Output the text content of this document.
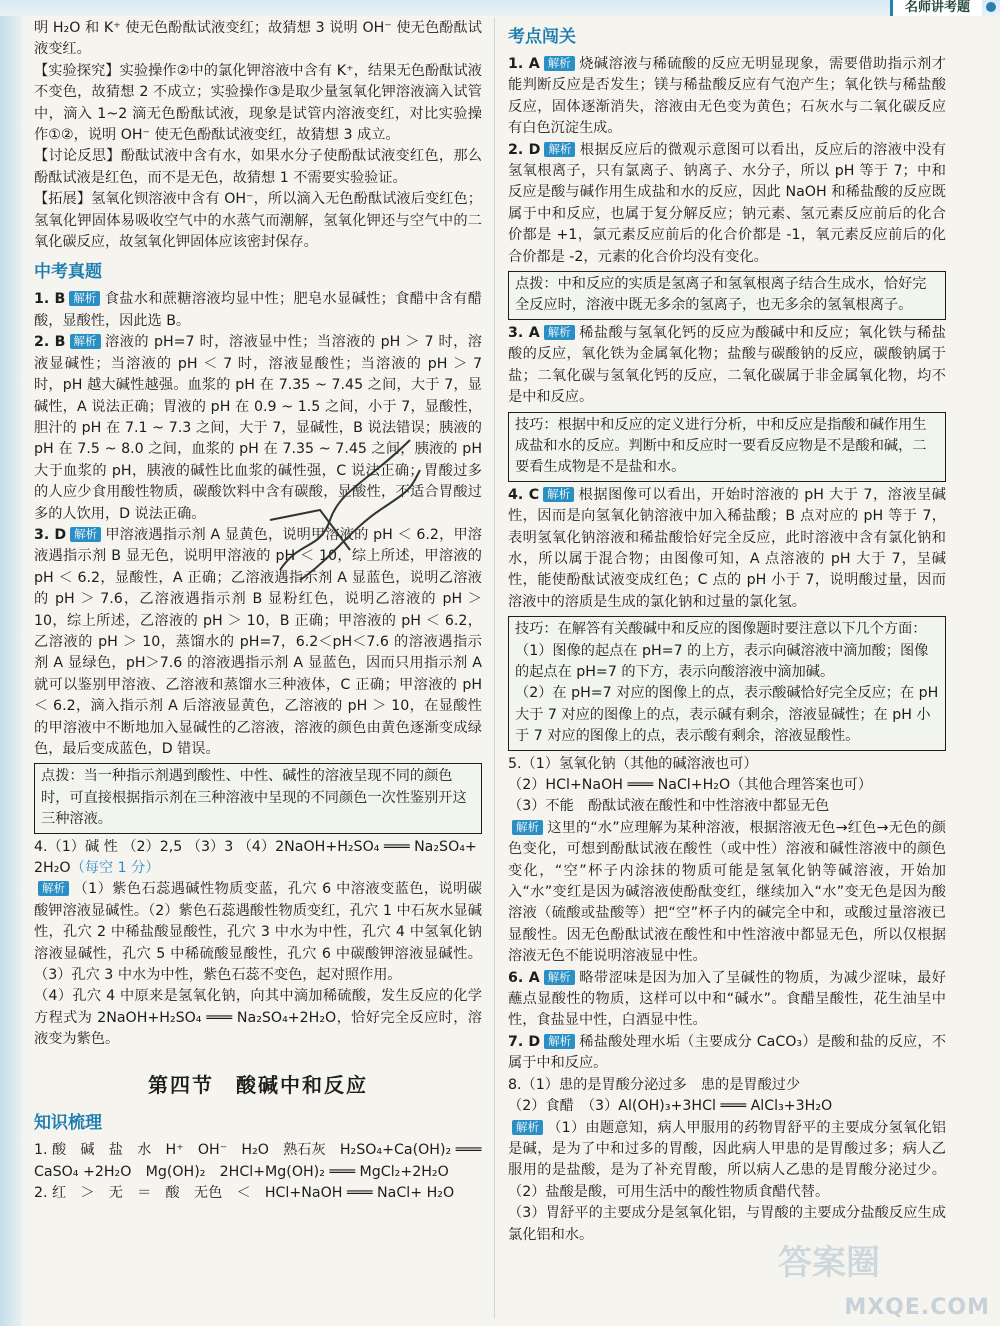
名师讲考题

明 H₂O 和 K⁺ 使无色酚酞试液变红；故猜想 3 说明 OH⁻ 使无色酚酞试液变红。

【实验探究】实验操作②中的氯化钾溶液中含有 K⁺，结果无色酚酞试液不变色，故猜想 2 不成立；实验操作③是取少量氢氧化钾溶液滴入试管中，滴入 1~2 滴无色酚酞试液，现象是试管内溶液变红，对比实验操作①②，说明 OH⁻ 使无色酚酞试液变红，故猜想 3 成立。

【讨论反思】酚酞试液中含有水，如果水分子使酚酞试液变红色，那么酚酞试液是红色，而不是无色，故猜想 1 不需要实验验证。

【拓展】氢氧化钡溶液中含有 OH⁻，所以滴入无色酚酞试液后变红色；氢氧化钾固体易吸收空气中的水蒸气而潮解，氢氧化钾还与空气中的二氧化碳反应，故氢氧化钾固体应该密封保存。

中考真题

1. B 解析 食盐水和蔗糖溶液均显中性；肥皂水显碱性；食醋中含有醋酸，显酸性，因此选 B。

2. B 解析 溶液的 pH=7 时，溶液显中性；当溶液的 pH ＞ 7 时，溶液显碱性；当溶液的 pH ＜ 7 时，溶液显酸性；当溶液的 pH ＞ 7 时，pH 越大碱性越强。血浆的 pH 在 7.35 ~ 7.45 之间，大于 7，显碱性，A 说法正确；胃液的 pH 在 0.9 ~ 1.5 之间，小于 7，显酸性，胆汁的 pH 在 7.1 ~ 7.3 之间，大于 7，显碱性，B 说法错误；胰液的 pH 在 7.5 ~ 8.0 之间，血浆的 pH 在 7.35 ~ 7.45 之间，胰液的 pH 大于血浆的 pH，胰液的碱性比血浆的碱性强，C 说法正确；胃酸过多的人应少食用酸性物质，碳酸饮料中含有碳酸，显酸性，不适合胃酸过多的人饮用，D 说法正确。

3. D 解析 甲溶液遇指示剂 A 显黄色，说明甲溶液的 pH ＜ 6.2，甲溶液遇指示剂 B 显无色，说明甲溶液的 pH ＜ 10，综上所述，甲溶液的 pH ＜ 6.2，显酸性，A 正确；乙溶液遇指示剂 A 显蓝色，说明乙溶液的 pH ＞ 7.6，乙溶液遇指示剂 B 显粉红色，说明乙溶液的 pH ＞ 10，综上所述，乙溶液的 pH ＞ 10，B 正确；甲溶液的 pH ＜ 6.2，乙溶液的 pH ＞ 10，蒸馏水的 pH=7，6.2＜pH＜7.6 的溶液遇指示剂 A 显绿色，pH＞7.6 的溶液遇指示剂 A 显蓝色，因而只用指示剂 A 就可以鉴别甲溶液、乙溶液和蒸馏水三种液体，C 正确；甲溶液的 pH ＜ 6.2，滴入指示剂 A 后溶液显黄色，乙溶液的 pH ＞ 10，在显酸性的甲溶液中不断地加入显碱性的乙溶液，溶液的颜色由黄色逐渐变成绿色，最后变成蓝色，D 错误。

点拨：当一种指示剂遇到酸性、中性、碱性的溶液呈现不同的颜色时，可直接根据指示剂在三种溶液中呈现的不同颜色一次性鉴别开这三种溶液。

4.（1）碱 性 （2）2,5 （3）3 （4）2NaOH+H₂SO₄ ═══ Na₂SO₄+

2H₂O（每空 1 分）

解析 （1）紫色石蕊遇碱性物质变蓝，孔穴 6 中溶液变蓝色，说明碳酸钾溶液显碱性。（2）紫色石蕊遇酸性物质变红，孔穴 1 中石灰水显碱性，孔穴 2 中稀盐酸显酸性，孔穴 3 中水为中性，孔穴 4 中氢氧化钠溶液显碱性，孔穴 5 中稀硫酸显酸性，孔穴 6 中碳酸钾溶液显碱性。（3）孔穴 3 中水为中性，紫色石蕊不变色，起对照作用。

（4）孔穴 4 中原来是氢氧化钠，向其中滴加稀硫酸，发生反应的化学方程式为 2NaOH+H₂SO₄ ═══ Na₂SO₄+2H₂O，恰好完全反应时，溶液变为紫色。

第四节　酸碱中和反应
知识梳理

1. 酸　碱　盐　水　H⁺　OH⁻　H₂O　熟石灰　H₂SO₄+Ca(OH)₂ ═══

CaSO₄ +2H₂O　Mg(OH)₂　2HCl+Mg(OH)₂ ═══ MgCl₂+2H₂O

2. 红　＞　无　＝　酸　无色　＜　HCl+NaOH ═══ NaCl+ H₂O

考点闯关

1. A 解析 烧碱溶液与稀硫酸的反应无明显现象，需要借助指示剂才能判断反应是否发生；镁与稀盐酸反应有气泡产生；氧化铁与稀盐酸反应，固体逐渐消失，溶液由无色变为黄色；石灰水与二氧化碳反应有白色沉淀生成。

2. D 解析 根据反应后的微观示意图可以看出，反应后的溶液中没有氢氧根离子，只有氯离子、钠离子、水分子，所以 pH 等于 7；中和反应是酸与碱作用生成盐和水的反应，因此 NaOH 和稀盐酸的反应既属于中和反应，也属于复分解反应；钠元素、氢元素反应前后的化合价都是 +1，氯元素反应前后的化合价都是 -1，氧元素反应前后的化合价都是 -2，元素的化合价均没有变化。

点拨：中和反应的实质是氢离子和氢氧根离子结合生成水，恰好完全反应时，溶液中既无多余的氢离子，也无多余的氢氧根离子。

3. A 解析 稀盐酸与氢氧化钙的反应为酸碱中和反应；氧化铁与稀盐酸的反应，氧化铁为金属氧化物；盐酸与碳酸钠的反应，碳酸钠属于盐；二氧化碳与氢氧化钙的反应，二氧化碳属于非金属氧化物，均不是中和反应。

技巧：根据中和反应的定义进行分析，中和反应是指酸和碱作用生成盐和水的反应。判断中和反应时一要看反应物是不是酸和碱，二要看生成物是不是盐和水。

4. C 解析 根据图像可以看出，开始时溶液的 pH 大于 7，溶液呈碱性，因而是向氢氧化钠溶液中加入稀盐酸；B 点对应的 pH 等于 7，表明氢氧化钠溶液和稀盐酸恰好完全反应，此时溶液中含有氯化钠和水，所以属于混合物；由图像可知，A 点溶液的 pH 大于 7，呈碱性，能使酚酞试液变成红色；C 点的 pH 小于 7，说明酸过量，因而溶液中的溶质是生成的氯化钠和过量的氯化氢。

技巧：在解答有关酸碱中和反应的图像题时要注意以下几个方面：
（1）图像的起点在 pH=7 的上方，表示向碱溶液中滴加酸；图像的起点在 pH=7 的下方，表示向酸溶液中滴加碱。
（2）在 pH=7 对应的图像上的点，表示酸碱恰好完全反应；在 pH 大于 7 对应的图像上的点，表示碱有剩余，溶液显碱性；在 pH 小于 7 对应的图像上的点，表示酸有剩余，溶液显酸性。

5.（1）氢氧化钠（其他的碱溶液也可）

（2）HCl+NaOH ═══ NaCl+H₂O（其他合理答案也可）

（3）不能　酚酞试液在酸性和中性溶液中都显无色

解析 这里的“水”应理解为某种溶液，根据溶液无色→红色→无色的颜色变化，可想到酚酞试液在酸性（或中性）溶液和碱性溶液中的颜色变化，“空”杯子内涂抹的物质可能是氢氧化钠等碱溶液，开始加入“水”变红是因为碱溶液使酚酞变红，继续加入“水”变无色是因为酸溶液（硫酸或盐酸等）把“空”杯子内的碱完全中和，或酸过量溶液已显酸性。因无色酚酞试液在酸性和中性溶液中都显无色，所以仅根据溶液无色不能说明溶液显中性。

6. A 解析 略带涩味是因为加入了呈碱性的物质，为减少涩味，最好蘸点显酸性的物质，这样可以中和“碱水”。食醋呈酸性，花生油呈中性，食盐显中性，白酒显中性。

7. D 解析 稀盐酸处理水垢（主要成分 CaCO₃）是酸和盐的反应，不属于中和反应。

8.（1）患的是胃酸分泌过多　患的是胃酸过少

（2）食醋　（3）Al(OH)₃+3HCl ═══ AlCl₃+3H₂O

解析 （1）由题意知，病人甲服用的药物胃舒平的主要成分氢氧化铝是碱，是为了中和过多的胃酸，因此病人甲患的是胃酸过多；病人乙服用的是盐酸，是为了补充胃酸，所以病人乙患的是胃酸分泌过少。（2）盐酸是酸，可用生活中的酸性物质食醋代替。

（3）胃舒平的主要成分是氢氧化铝，与胃酸的主要成分盐酸反应生成氯化铝和水。

答案圈
MXQE.COM
